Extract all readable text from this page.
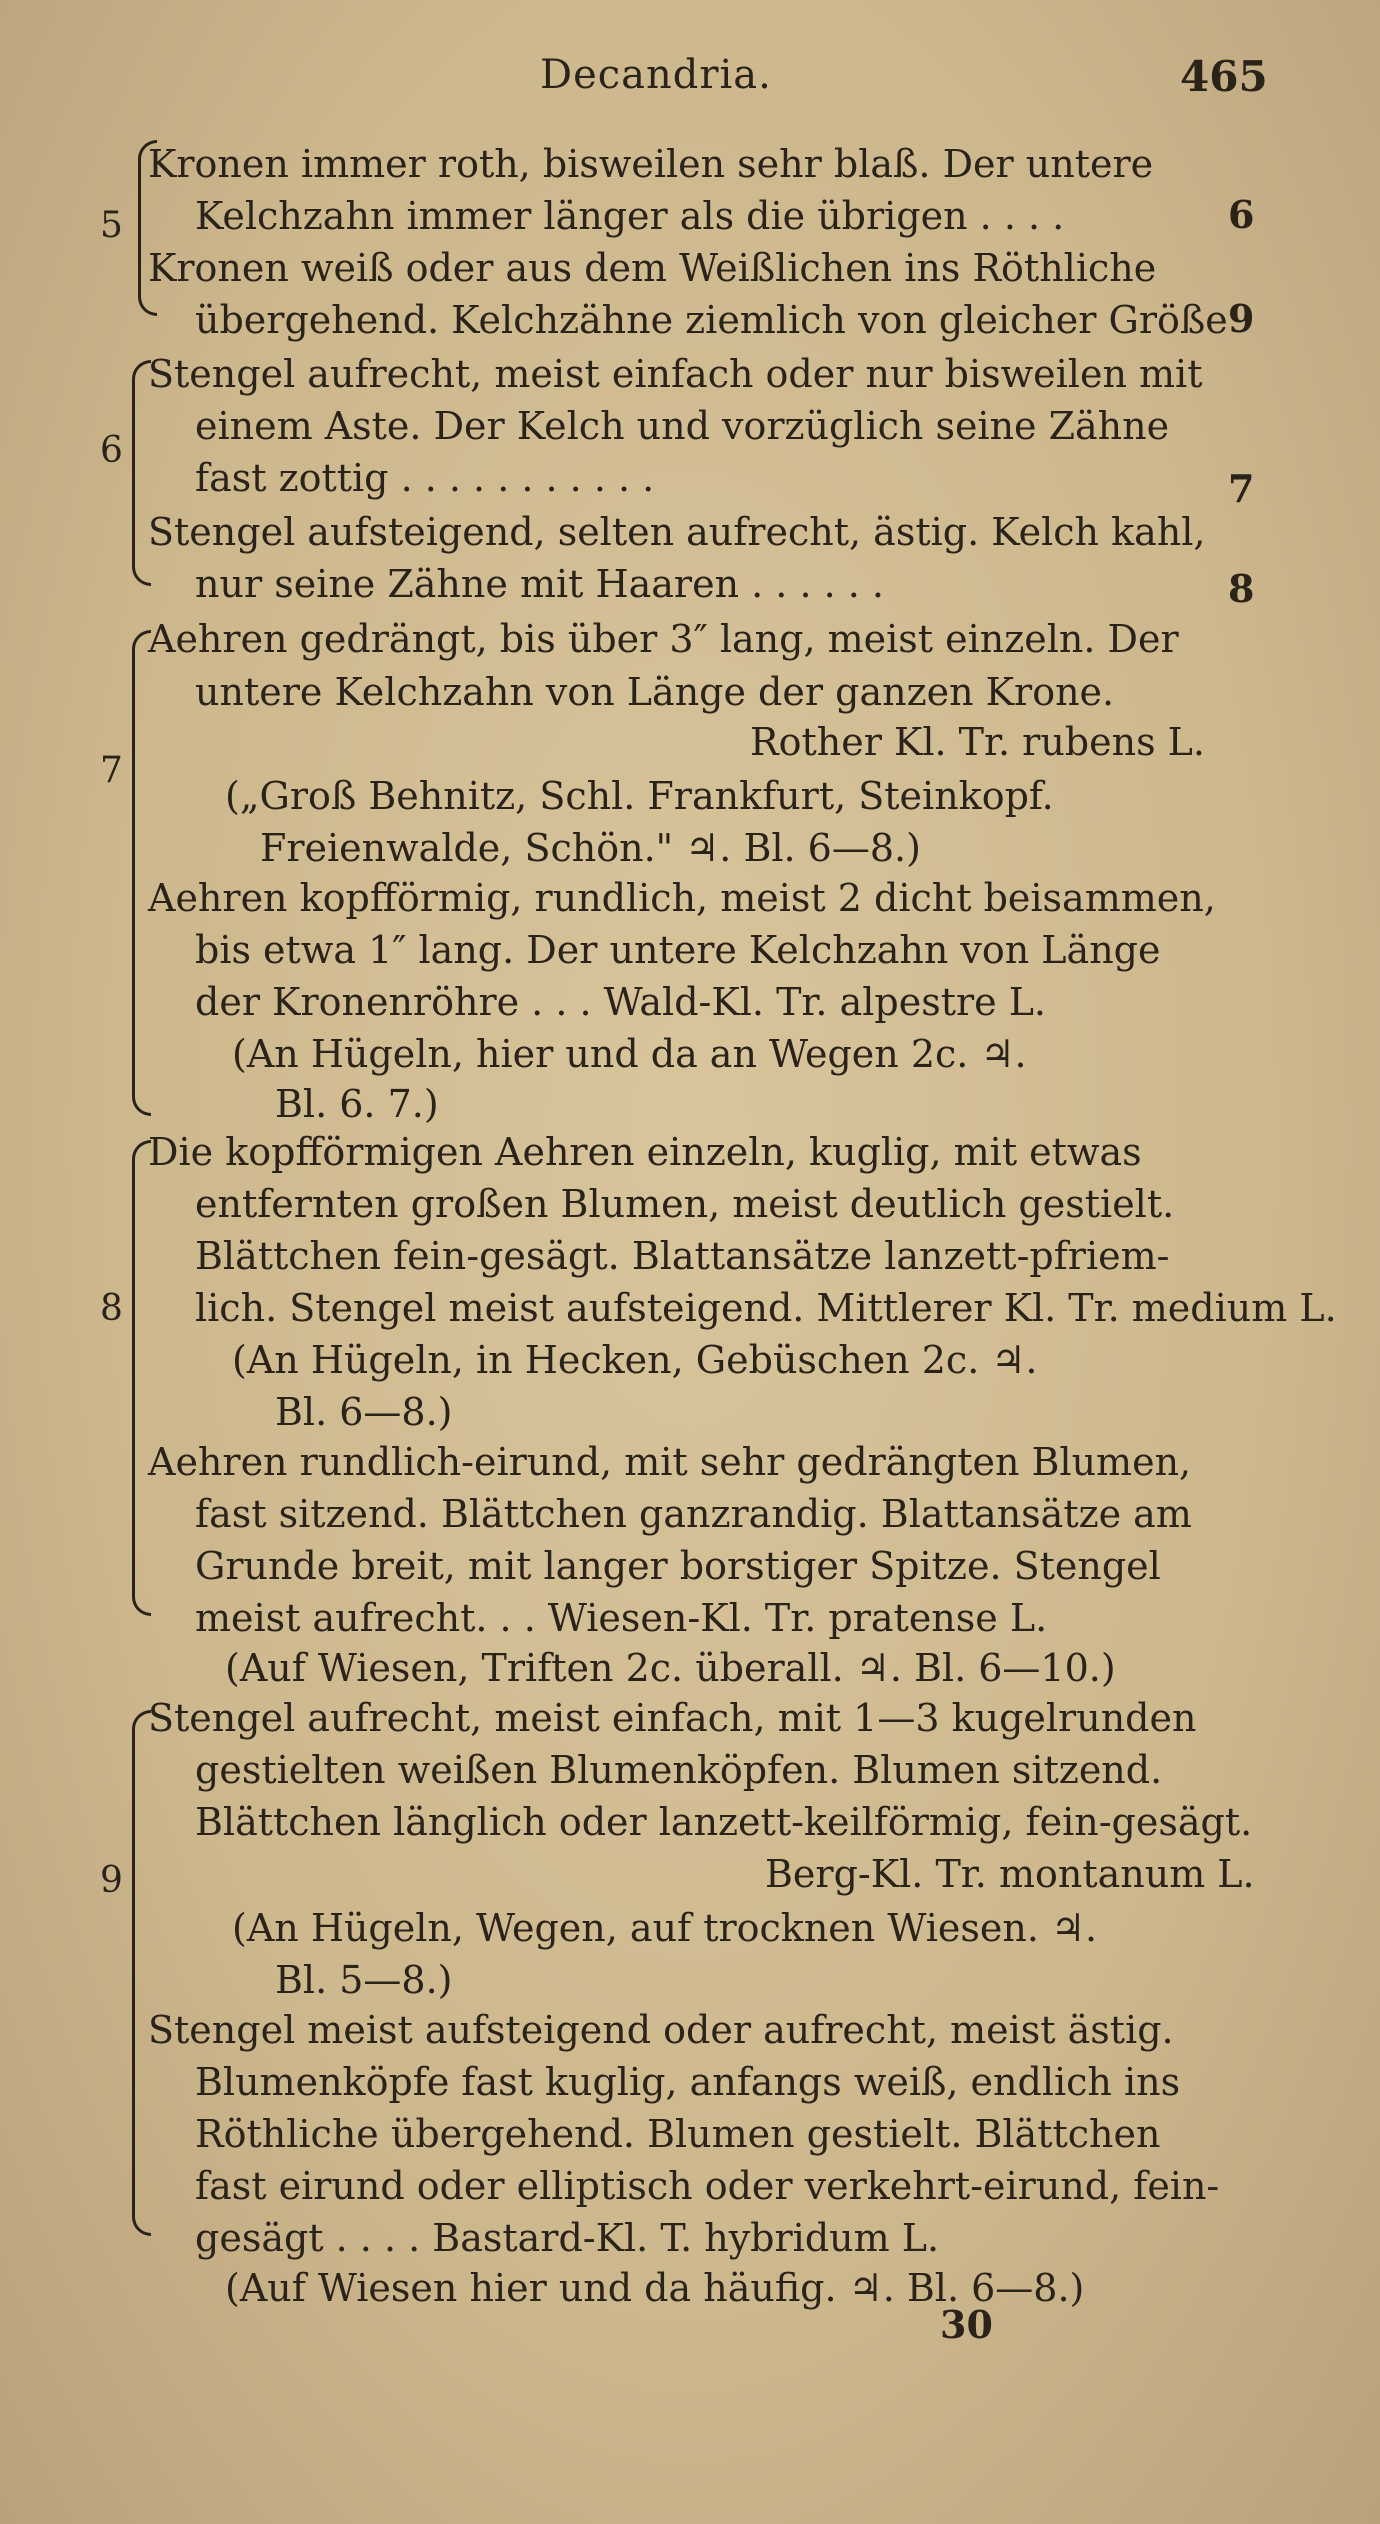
Decandria.	465
5
Kronen immer roth, bisweilen sehr blaß. Der untere
Kelchzahn immer länger als die übrigen . . . .	6
Kronen weiß oder aus dem Weißlichen ins Röthliche
übergehend. Kelchzähne ziemlich von gleicher Größe 9
6
Stengel aufrecht, meist einfach oder nur bisweilen mit
einem Aste. Der Kelch und vorzüglich seine Zähne
fast zottig . . . . . . . . . . .	7
Stengel aufsteigend, selten aufrecht, ästig. Kelch kahl,
nur seine Zähne mit Haaren . . . . . .	8
7
Aehren gedrängt, bis über 3″ lang, meist einzeln. Der
untere Kelchzahn von Länge der ganzen Krone.
Rother Kl. Tr. rubens L.
(„Groß Behnitz, Schl. Frankfurt, Steinkopf.
Freienwalde, Schön." ♃. Bl. 6—8.)
Aehren kopfförmig, rundlich, meist 2 dicht beisammen,
bis etwa 1″ lang. Der untere Kelchzahn von Länge
der Kronenröhre . . . Wald-Kl. Tr. alpestre L.
(An Hügeln, hier und da an Wegen 2c. ♃.
Bl. 6. 7.)
8
Die kopfförmigen Aehren einzeln, kuglig, mit etwas
entfernten großen Blumen, meist deutlich gestielt.
Blättchen fein-gesägt. Blattansätze lanzett-pfriem-
lich. Stengel meist aufsteigend. Mittlerer Kl. Tr. medium L.
(An Hügeln, in Hecken, Gebüschen 2c. ♃.
Bl. 6—8.)
Aehren rundlich-eirund, mit sehr gedrängten Blumen,
fast sitzend. Blättchen ganzrandig. Blattansätze am
Grunde breit, mit langer borstiger Spitze. Stengel
meist aufrecht. . . Wiesen-Kl. Tr. pratense L.
(Auf Wiesen, Triften 2c. überall. ♃. Bl. 6—10.)
9
Stengel aufrecht, meist einfach, mit 1—3 kugelrunden
gestielten weißen Blumenköpfen. Blumen sitzend.
Blättchen länglich oder lanzett-keilförmig, fein-gesägt.
Berg-Kl. Tr. montanum L.
(An Hügeln, Wegen, auf trocknen Wiesen. ♃.
Bl. 5—8.)
Stengel meist aufsteigend oder aufrecht, meist ästig.
Blumenköpfe fast kuglig, anfangs weiß, endlich ins
Röthliche übergehend. Blumen gestielt. Blättchen
fast eirund oder elliptisch oder verkehrt-eirund, fein-
gesägt . . . . Bastard-Kl. T. hybridum L.
(Auf Wiesen hier und da häufig. ♃. Bl. 6—8.)
30
